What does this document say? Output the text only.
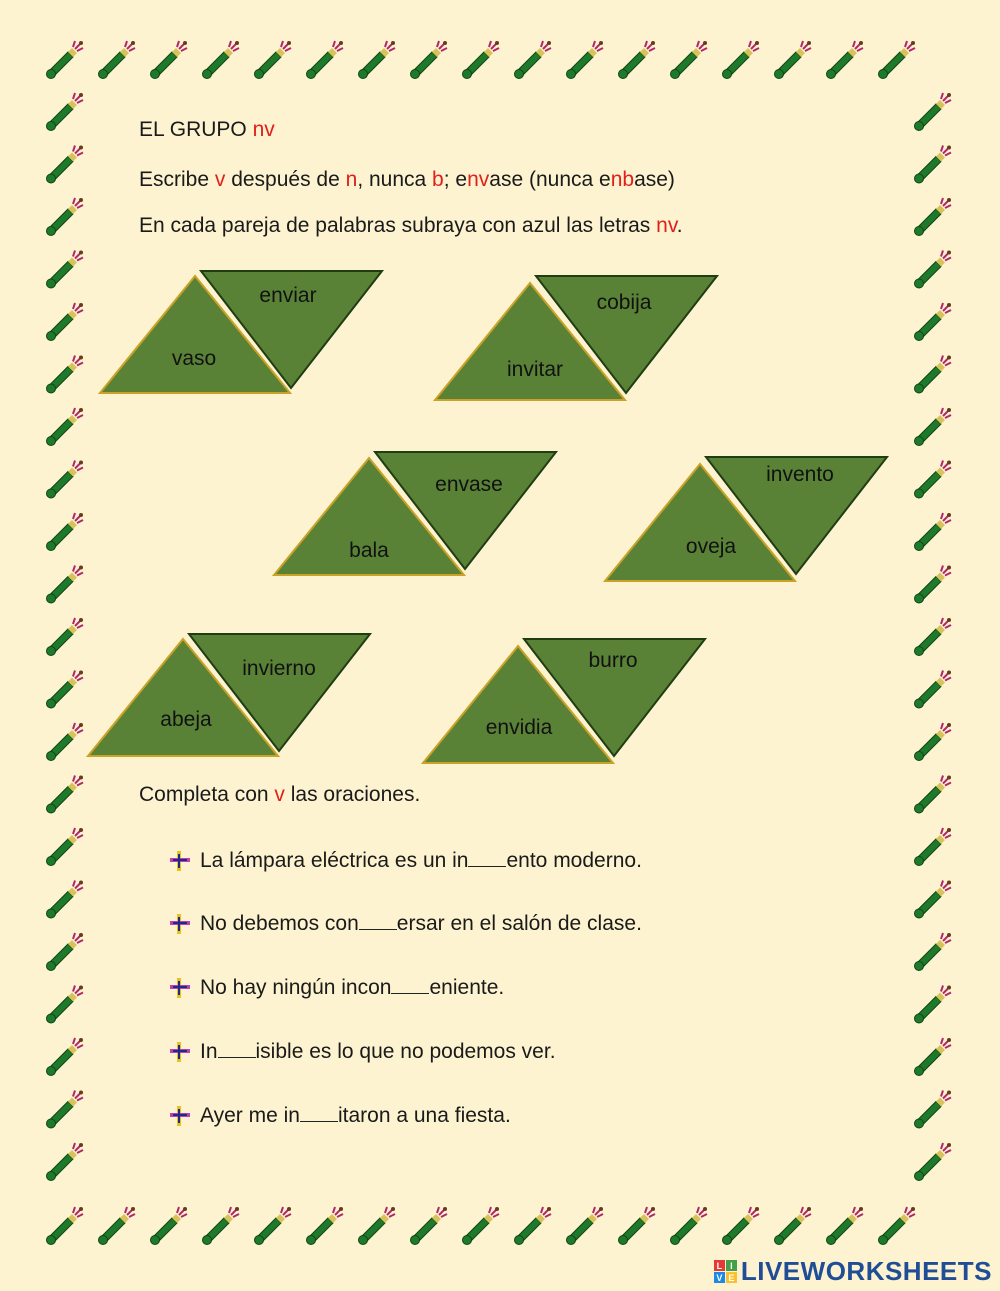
EL GRUPO nv

Escribe v después de n, nunca b; envase (nunca enbase)

En cada pareja de palabras subraya con azul las letras nv.

vaso
enviar
invitar
cobija
bala
envase
oveja
invento
abeja
invierno
envidia
burro

Completa con v las oraciones.

La lámpara eléctrica es un in ento moderno.
No debemos con ersar en el salón de clase.
No hay ningún incon eniente.
In isible es lo que no podemos ver.
Ayer me in itaron a una fiesta.
L I
V E LIVEWORKSHEETS
